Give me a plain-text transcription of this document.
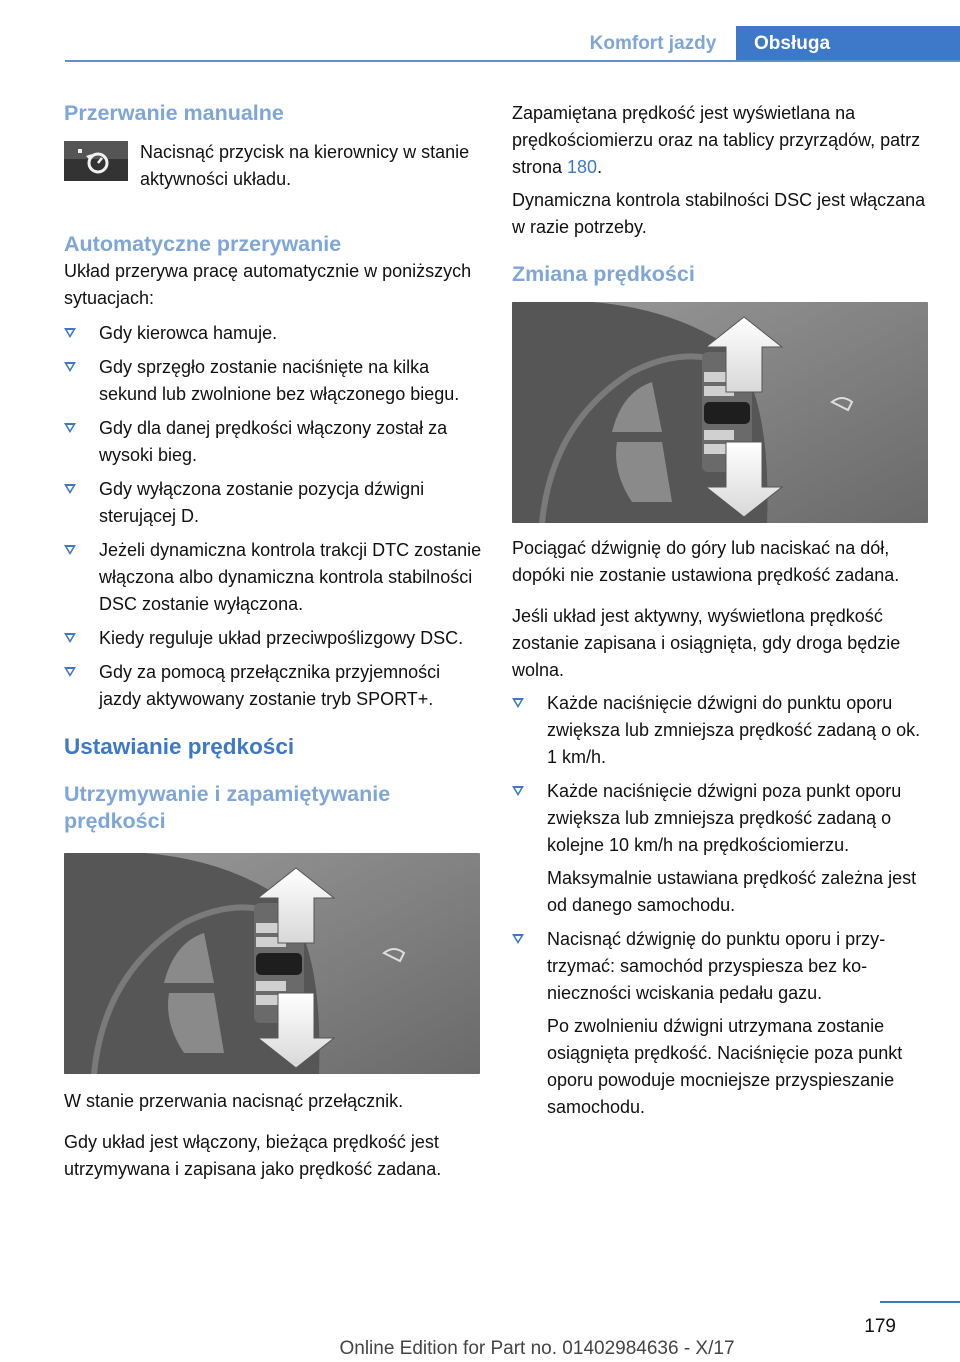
Komfort jazdy	Obsługa
Przerwanie manualne

Nacisnąć przycisk na kierownicy w stanie aktywności układu.

Automatyczne przerywanie

Układ przerywa pracę automatycznie w poniższych sytuacjach:

Gdy kierowca hamuje.
Gdy sprzęgło zostanie naciśnięte na kilka sekund lub zwolnione bez włączonego biegu.
Gdy dla danej prędkości włączony został za wysoki bieg.
Gdy wyłączona zostanie pozycja dźwigni sterującej D.
Jeżeli dynamiczna kontrola trakcji DTC zostanie włączona albo dynamiczna kontrola stabilności DSC zostanie wyłączona.
Kiedy reguluje układ przeciwpoślizgowy DSC.
Gdy za pomocą przełącznika przyjemności jazdy aktywowany zostanie tryb SPORT+.
Ustawianie prędkości
Utrzymywanie i zapamiętywanie prędkości

W stanie przerwania nacisnąć przełącznik.

Gdy układ jest włączony, bieżąca prędkość jest utrzymywana i zapisana jako prędkość zadana.

Zapamiętana prędkość jest wyświetlana na prędkościomierzu oraz na tablicy przyrządów, patrz strona 180.

Dynamiczna kontrola stabilności DSC jest włączana w razie potrzeby.

Zmiana prędkości

Pociągać dźwignię do góry lub naciskać na dół, dopóki nie zostanie ustawiona prędkość zadana.

Jeśli układ jest aktywny, wyświetlona prędkość zostanie zapisana i osiągnięta, gdy droga będzie wolna.

Każde naciśnięcie dźwigni do punktu oporu zwiększa lub zmniejsza prędkość zadaną o ok. 1 km/h.
Każde naciśnięcie dźwigni poza punkt oporu zwiększa lub zmniejsza prędkość zadaną o kolejne 10 km/h na prędkościomierzu.
Maksymalnie ustawiana prędkość zależna jest od danego samochodu.
Nacisnąć dźwignię do punktu oporu i przytrzymać: samochód przyspiesza bez konieczności wciskania pedału gazu.
Po zwolnieniu dźwigni utrzymana zostanie osiągnięta prędkość. Naciśnięcie poza punkt oporu powoduje mocniejsze przyspieszanie samochodu.
179
Online Edition for Part no. 01402984636 - X/17
